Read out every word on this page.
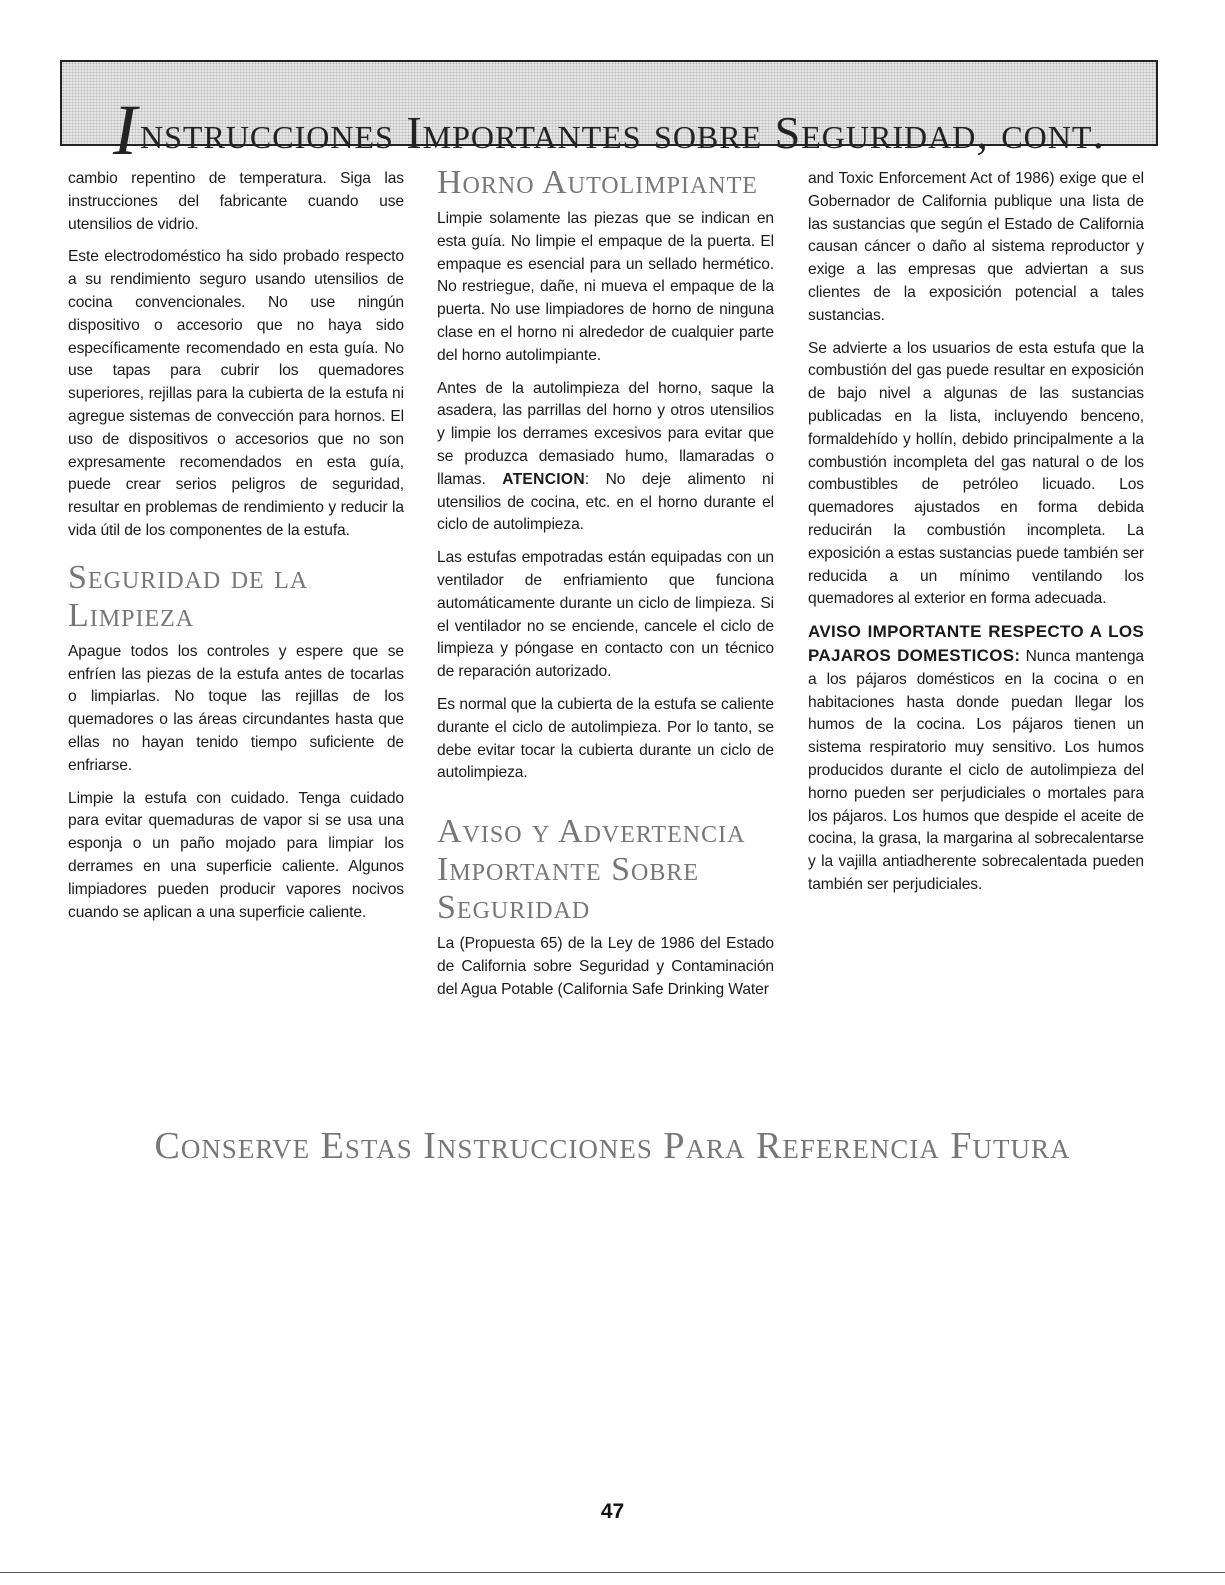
Instrucciones Importantes sobre Seguridad, cont.

cambio repentino de temperatura. Siga las instrucciones del fabricante cuando use utensilios de vidrio.

Este electrodoméstico ha sido probado respecto a su rendimiento seguro usando utensilios de cocina convencionales. No use ningún dispositivo o accesorio que no haya sido específicamente recomendado en esta guía. No use tapas para cubrir los quemadores superiores, rejillas para la cubierta de la estufa ni agregue sistemas de convección para hornos. El uso de dispositivos o accesorios que no son expresamente recomendados en esta guía, puede crear serios peligros de seguridad, resultar en problemas de rendimiento y reducir la vida útil de los componentes de la estufa.

Seguridad de la Limpieza

Apague todos los controles y espere que se enfríen las piezas de la estufa antes de tocarlas o limpiarlas. No toque las rejillas de los quemadores o las áreas circundantes hasta que ellas no hayan tenido tiempo suficiente de enfriarse.

Limpie la estufa con cuidado. Tenga cuidado para evitar quemaduras de vapor si se usa una esponja o un paño mojado para limpiar los derrames en una superficie caliente. Algunos limpiadores pueden producir vapores nocivos cuando se aplican a una superficie caliente.

Horno Autolimpiante

Limpie solamente las piezas que se indican en esta guía. No limpie el empaque de la puerta. El empaque es esencial para un sellado hermético. No restriegue, dañe, ni mueva el empaque de la puerta. No use limpiadores de horno de ninguna clase en el horno ni alrededor de cualquier parte del horno autolimpiante.

Antes de la autolimpieza del horno, saque la asadera, las parrillas del horno y otros utensilios y limpie los derrames excesivos para evitar que se produzca demasiado humo, llamaradas o llamas. ATENCION: No deje alimento ni utensilios de cocina, etc. en el horno durante el ciclo de autolimpieza.

Las estufas empotradas están equipadas con un ventilador de enfriamiento que funciona automáticamente durante un ciclo de limpieza. Si el ventilador no se enciende, cancele el ciclo de limpieza y póngase en contacto con un técnico de reparación autorizado.

Es normal que la cubierta de la estufa se caliente durante el ciclo de autolimpieza. Por lo tanto, se debe evitar tocar la cubierta durante un ciclo de autolimpieza.

Aviso y Advertencia Importante Sobre Seguridad

La (Propuesta 65) de la Ley de 1986 del Estado de California sobre Seguridad y Contaminación del Agua Potable (California Safe Drinking Water

and Toxic Enforcement Act of 1986) exige que el Gobernador de California publique una lista de las sustancias que según el Estado de California causan cáncer o daño al sistema reproductor y exige a las empresas que adviertan a sus clientes de la exposición potencial a tales sustancias.

Se advierte a los usuarios de esta estufa que la combustión del gas puede resultar en exposición de bajo nivel a algunas de las sustancias publicadas en la lista, incluyendo benceno, formaldehído y hollín, debido principalmente a la combustión incompleta del gas natural o de los combustibles de petróleo licuado. Los quemadores ajustados en forma debida reducirán la combustión incompleta. La exposición a estas sustancias puede también ser reducida a un mínimo ventilando los quemadores al exterior en forma adecuada.

AVISO IMPORTANTE RESPECTO A LOS PAJAROS DOMESTICOS: Nunca mantenga a los pájaros domésticos en la cocina o en habitaciones hasta donde puedan llegar los humos de la cocina. Los pájaros tienen un sistema respiratorio muy sensitivo. Los humos producidos durante el ciclo de autolimpieza del horno pueden ser perjudiciales o mortales para los pájaros. Los humos que despide el aceite de cocina, la grasa, la margarina al sobrecalentarse y la vajilla antiadherente sobrecalentada pueden también ser perjudiciales.

Conserve Estas Instrucciones Para Referencia Futura
47
